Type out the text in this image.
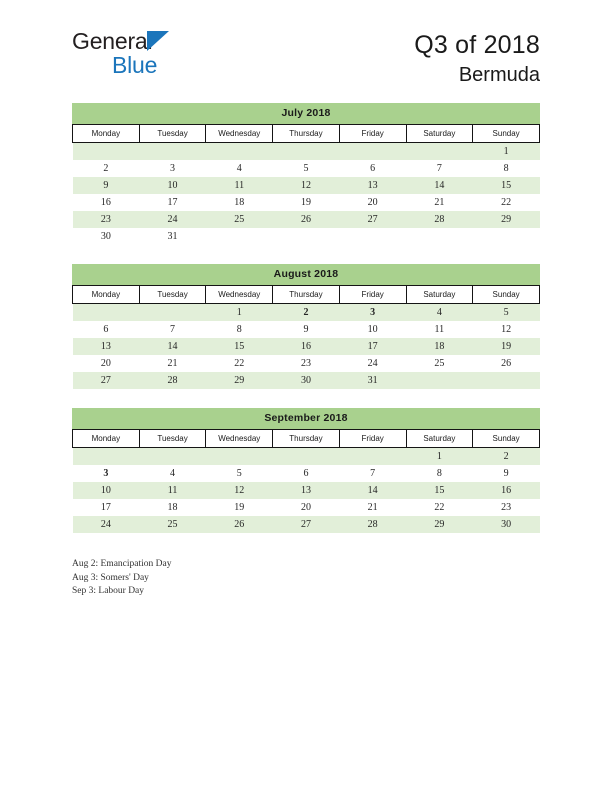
General
Blue
Q3 of 2018
Bermuda
July 2018
Monday	Tuesday	Wednesday	Thursday	Friday	Saturday	Sunday
						1
2	3	4	5	6	7	8
9	10	11	12	13	14	15
16	17	18	19	20	21	22
23	24	25	26	27	28	29
30	31					
August 2018
Monday	Tuesday	Wednesday	Thursday	Friday	Saturday	Sunday
		1	2	3	4	5
6	7	8	9	10	11	12
13	14	15	16	17	18	19
20	21	22	23	24	25	26
27	28	29	30	31		
September 2018
Monday	Tuesday	Wednesday	Thursday	Friday	Saturday	Sunday
					1	2
3	4	5	6	7	8	9
10	11	12	13	14	15	16
17	18	19	20	21	22	23
24	25	26	27	28	29	30
Aug 2: Emancipation Day
Aug 3: Somers' Day
Sep 3: Labour Day
